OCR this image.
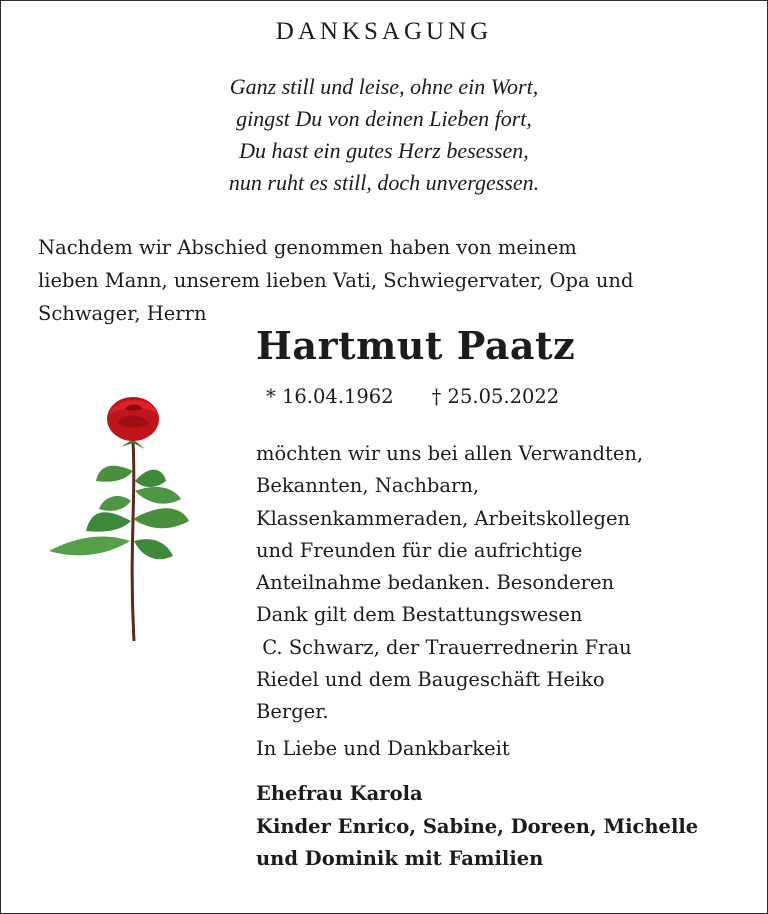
DANKSAGUNG
Ganz still und leise, ohne ein Wort,
gingst Du von deinen Lieben fort,
Du hast ein gutes Herz besessen,
nun ruht es still, doch unvergessen.
Nachdem wir Abschied genommen haben von meinem
lieben Mann, unserem lieben Vati, Schwiegervater, Opa und
Schwager, Herrn
Hartmut Paatz
* 16.04.1962 † 25.05.2022
möchten wir uns bei allen Verwandten,
Bekannten, Nachbarn,
Klassenkammeraden, Arbeitskollegen
und Freunden für die aufrichtige
Anteilnahme bedanken. Besonderen
Dank gilt dem Bestattungswesen
C. Schwarz, der Trauerrednerin Frau
Riedel und dem Baugeschäft Heiko
Berger.
In Liebe und Dankbarkeit
Ehefrau Karola
Kinder Enrico, Sabine, Doreen, Michelle
und Dominik mit Familien
